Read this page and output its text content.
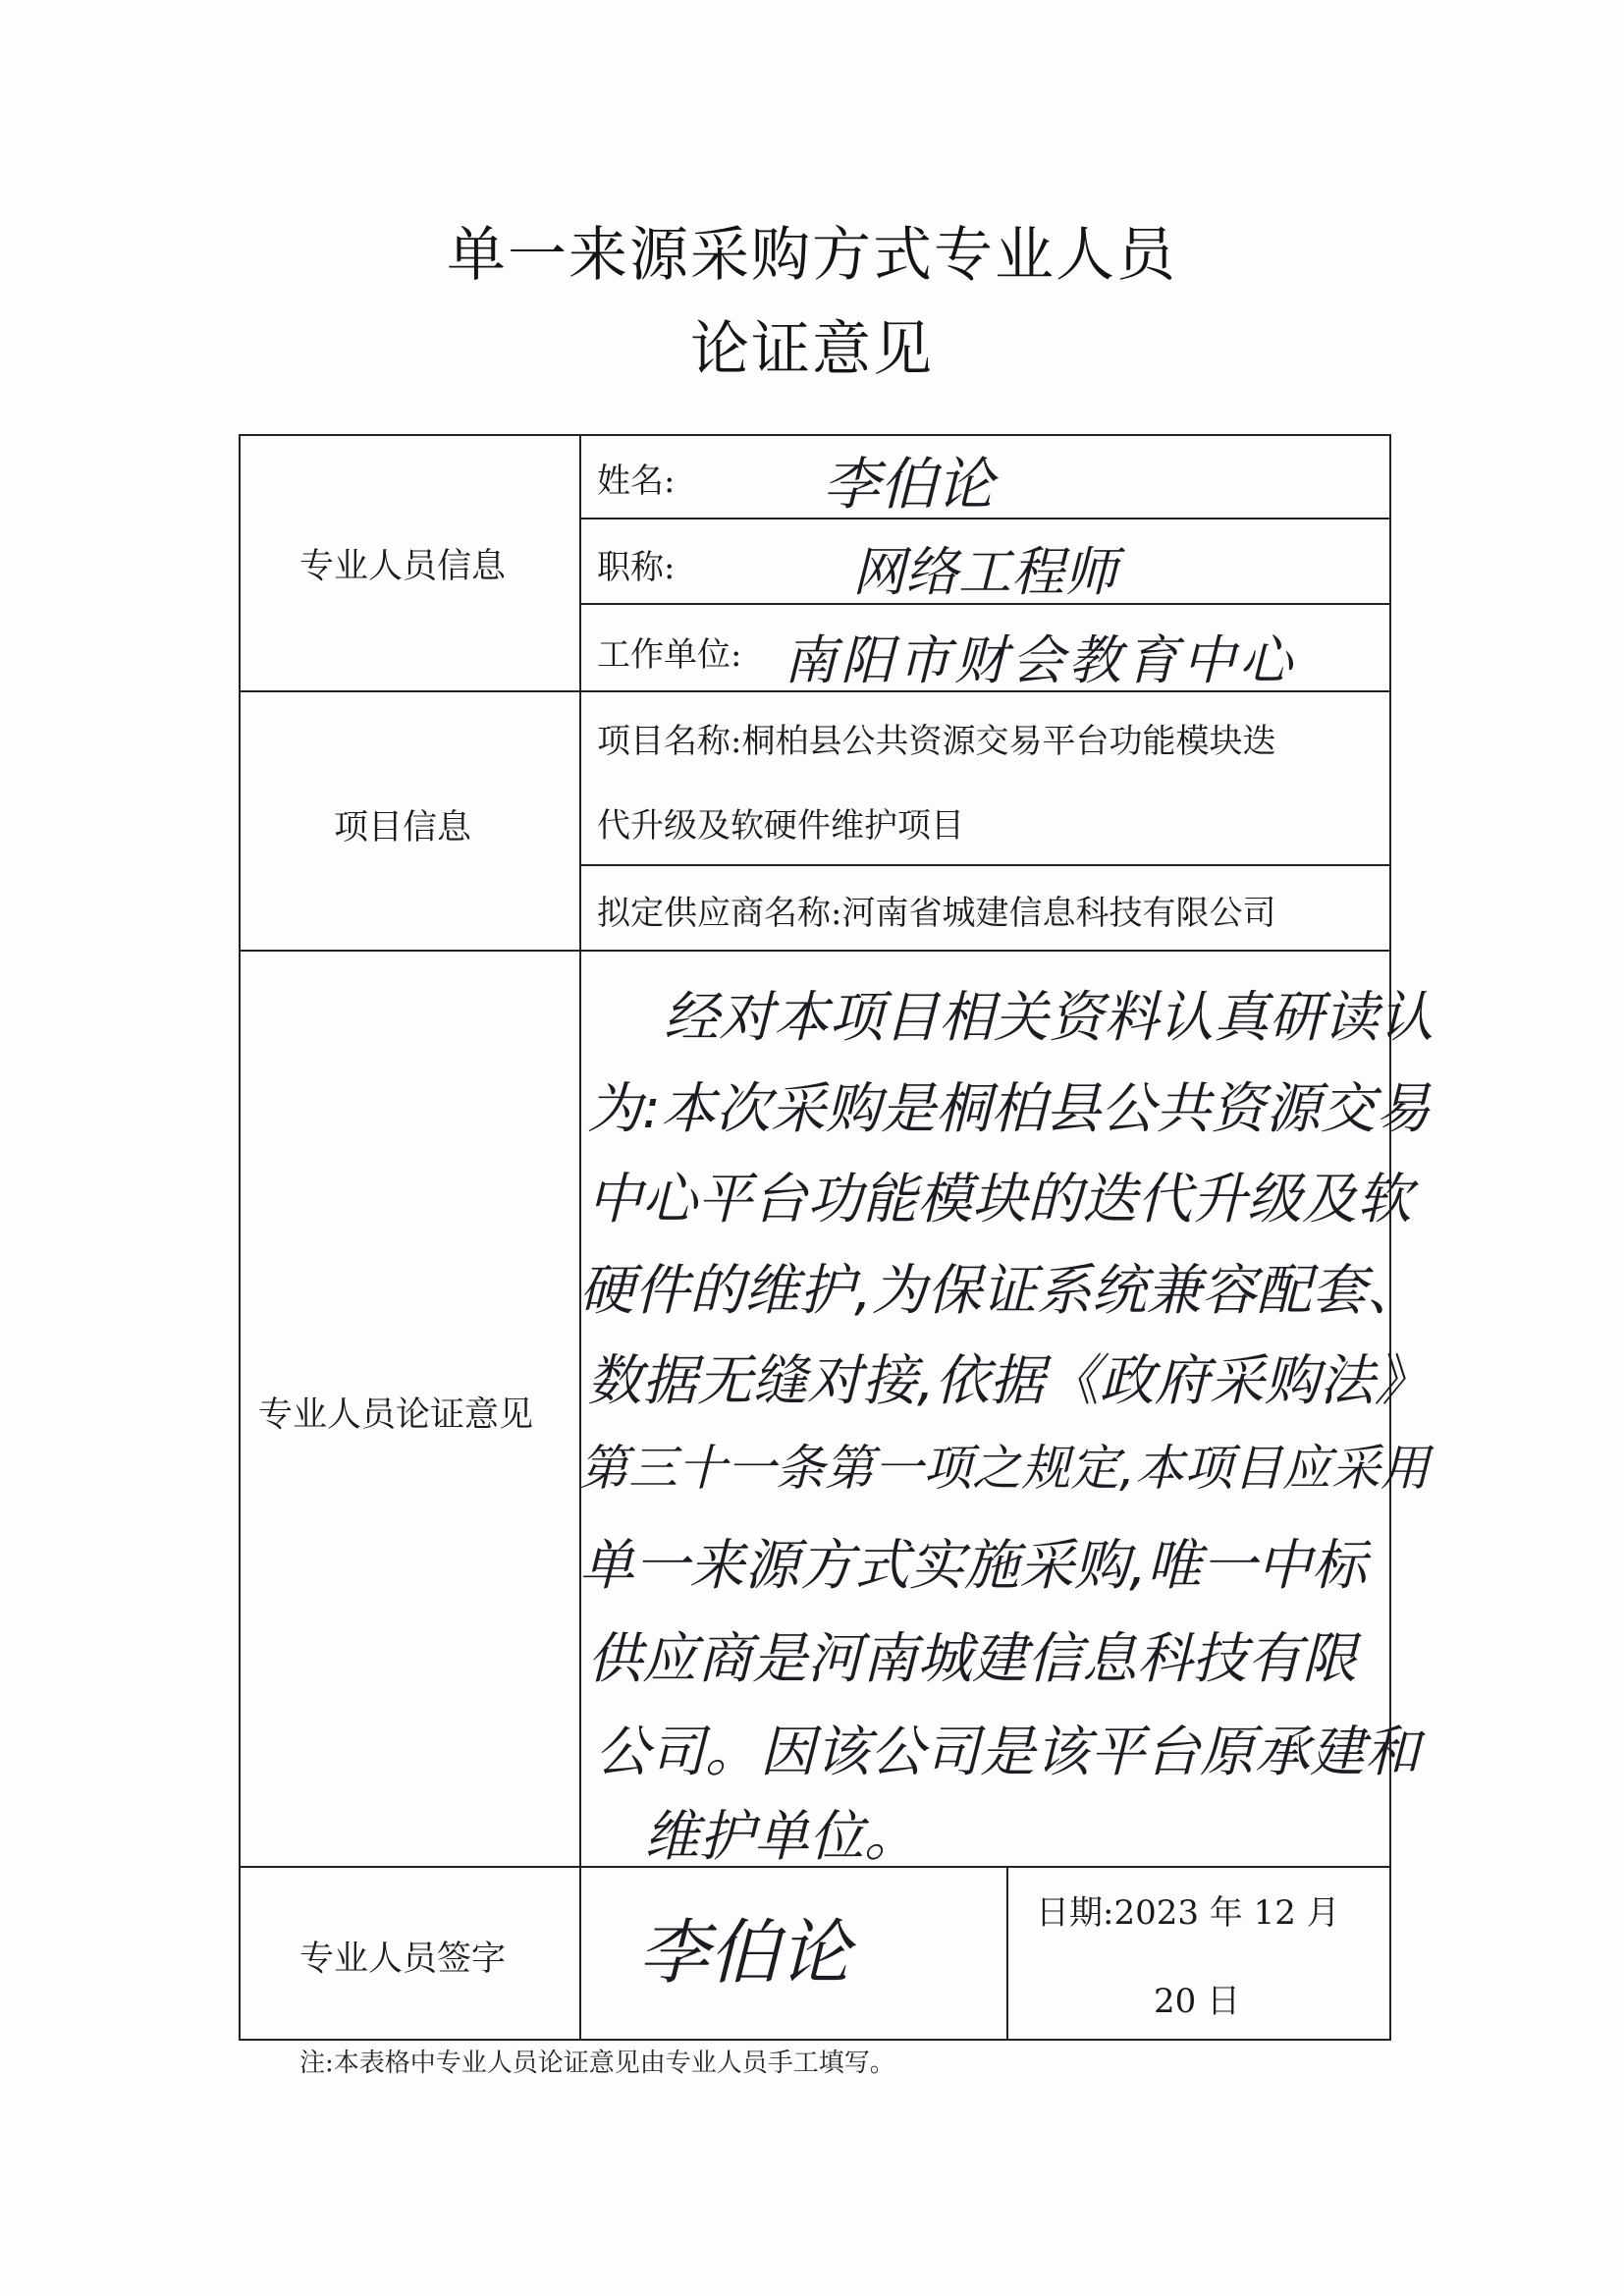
单一来源采购方式专业人员
论证意见
专业人员信息
姓名:	李伯论
职称:	网络工程师
工作单位: 南阳市财会教育中心
项目信息
项目名称:桐柏县公共资源交易平台功能模块迭
代升级及软硬件维护项目
拟定供应商名称:河南省城建信息科技有限公司
专业人员论证意见
经对本项目相关资料认真研读认
为:本次采购是桐柏县公共资源交易
中心平台功能模块的迭代升级及软
硬件的维护,为保证系统兼容配套、
数据无缝对接,依据《政府采购法》
第三十一条第一项之规定,本项目应采用
单一来源方式实施采购,唯一中标
供应商是河南城建信息科技有限
公司。因该公司是该平台原承建和
维护单位。
专业人员签字 李伯论	日期:2023 年 12 月
20 日
注:本表格中专业人员论证意见由专业人员手工填写。
